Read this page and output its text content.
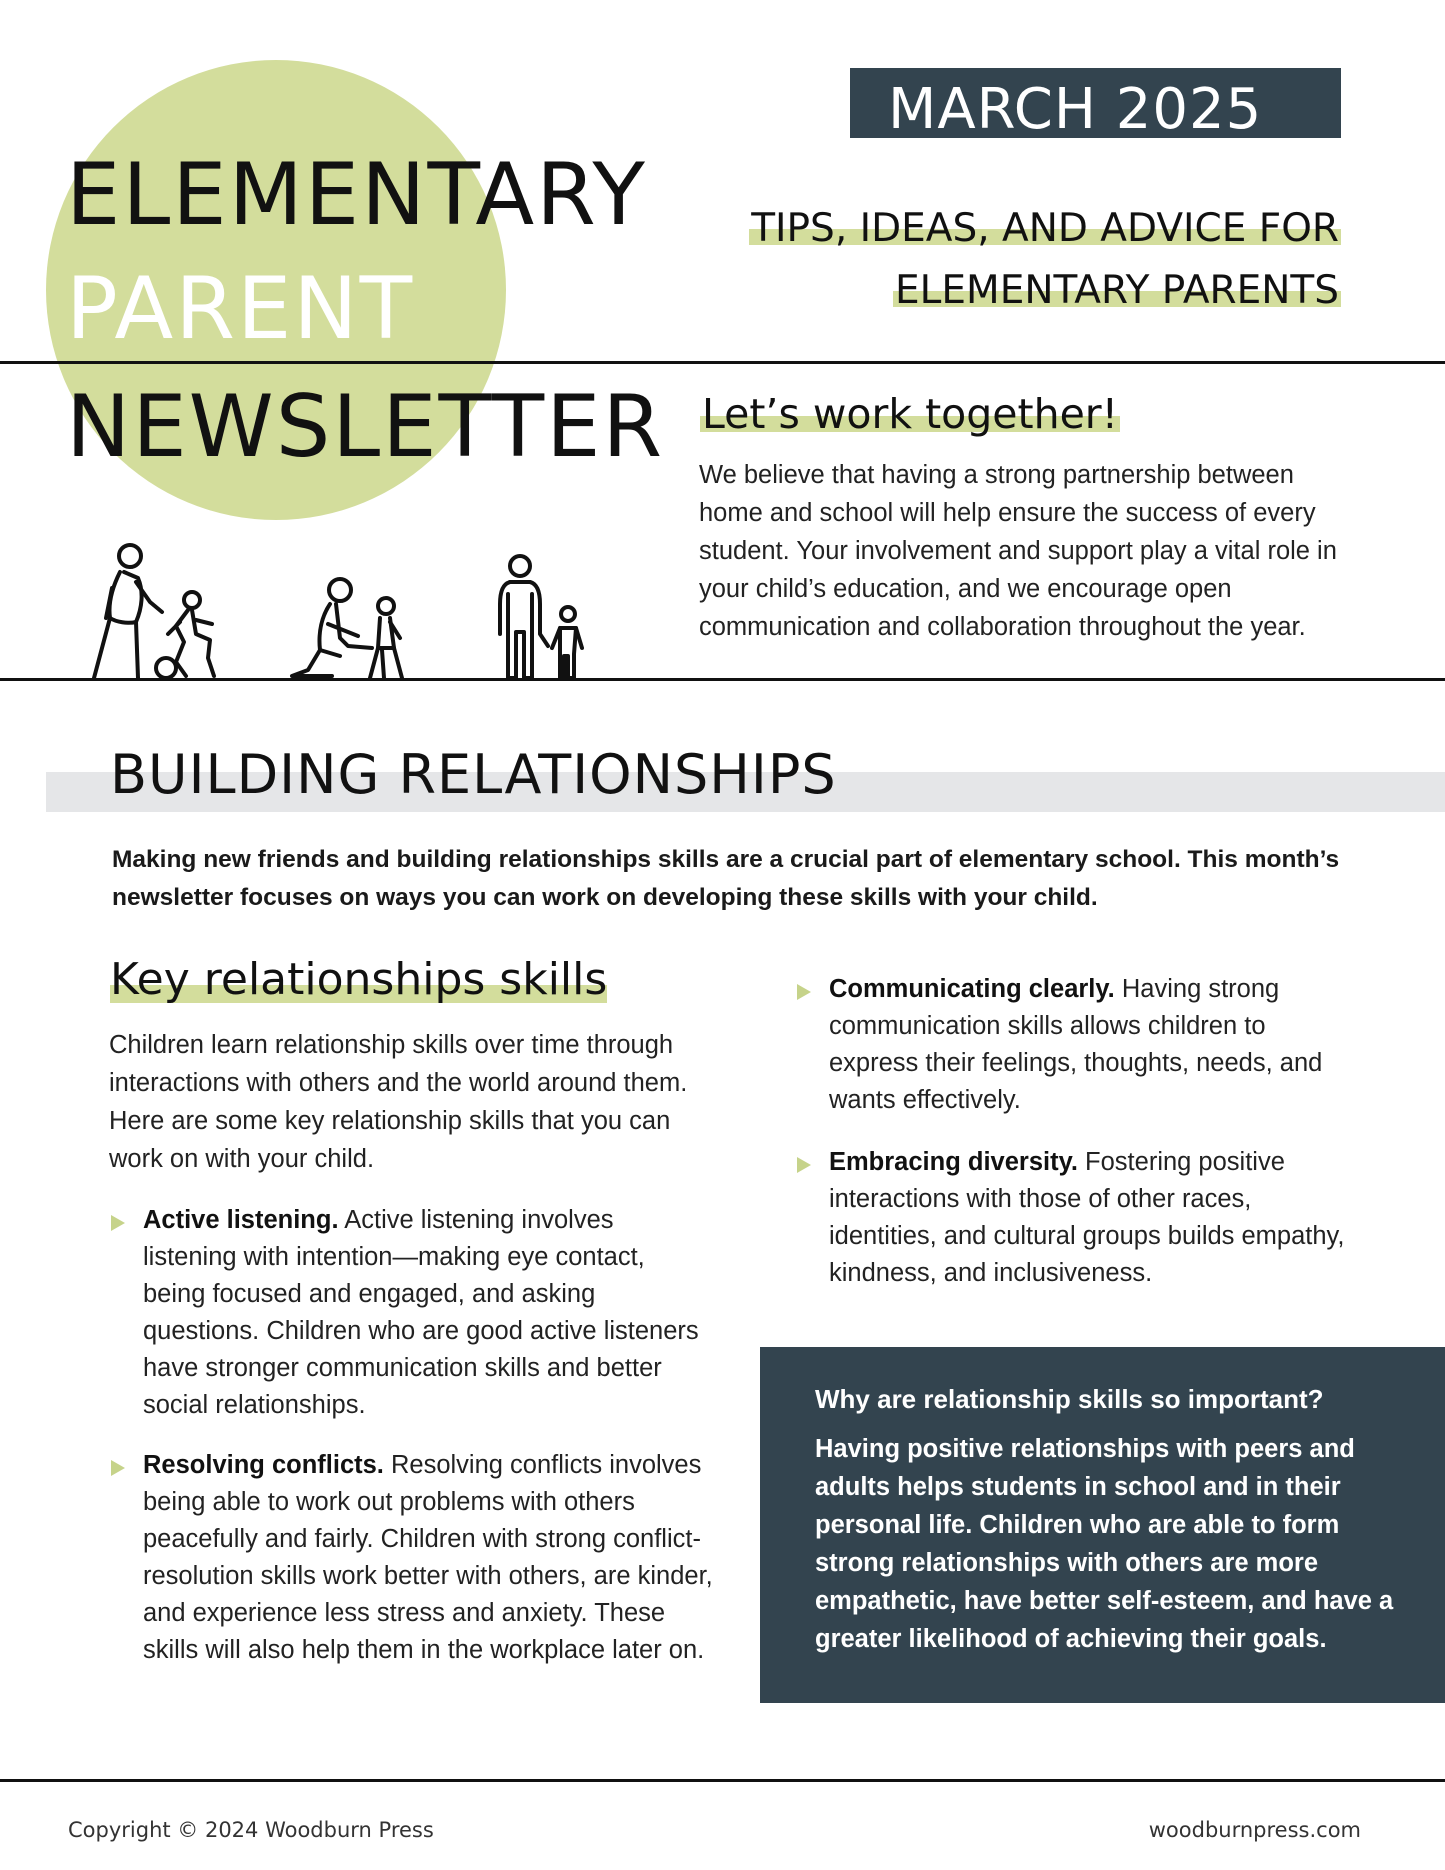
ELEMENTARY
PARENT
NEWSLETTER
MARCH 2025
TIPS, IDEAS, AND ADVICE FOR
ELEMENTARY PARENTS
Let’s work together!
We believe that having a strong partnership between home and school will help ensure the success of every student. Your involvement and support play a vital role in your child’s education, and we encourage open communication and collaboration throughout the year.
BUILDING RELATIONSHIPS
Making new friends and building relationships skills are a crucial part of elementary school. This month’s newsletter focuses on ways you can work on developing these skills with your child.
Key relationships skills
Children learn relationship skills over time through interactions with others and the world around them. Here are some key relationship skills that you can work on with your child.
Active listening. Active listening involves listening with intention—making eye contact, being focused and engaged, and asking questions. Children who are good active listeners have stronger communication skills and better social relationships.
Resolving conflicts. Resolving conflicts involves being able to work out problems with others peacefully and fairly. Children with strong conflict-resolution skills work better with others, are kinder, and experience less stress and anxiety. These skills will also help them in the workplace later on.
Communicating clearly. Having strong communication skills allows children to express their feelings, thoughts, needs, and wants effectively.
Embracing diversity. Fostering positive interactions with those of other races, identities, and cultural groups builds empathy, kindness, and inclusiveness.
Why are relationship skills so important?
Having positive relationships with peers and adults helps students in school and in their personal life. Children who are able to form strong relationships with others are more empathetic, have better self-esteem, and have a greater likelihood of achieving their goals.
Copyright © 2024 Woodburn Press	woodburnpress.com
